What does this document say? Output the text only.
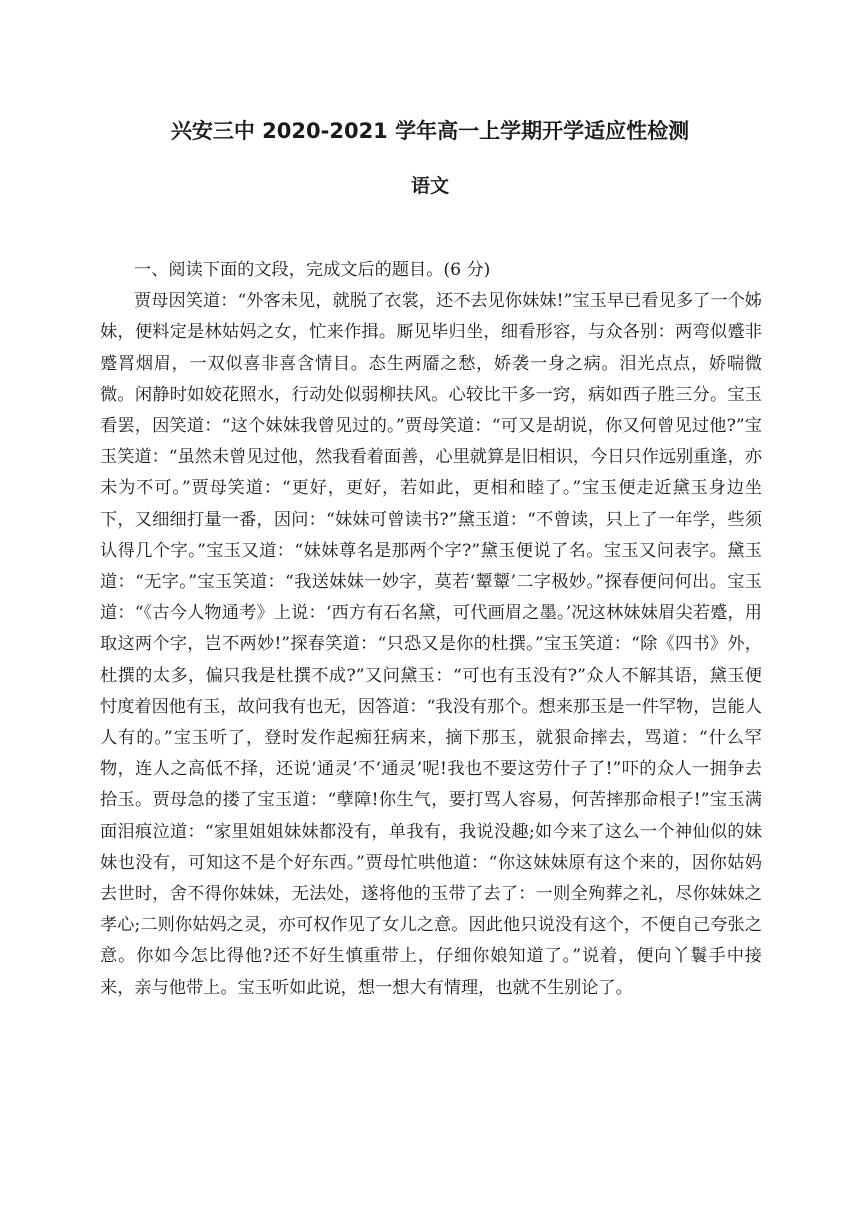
兴安三中 2020-2021 学年高一上学期开学适应性检测
语文

一、阅读下面的文段，完成文后的题目。(6 分)

贾母因笑道：“外客未见，就脱了衣裳，还不去见你妹妹!”宝玉早已看见多了一个姊妹，便料定是林姑妈之女，忙来作揖。厮见毕归坐，细看形容，与众各别：两弯似蹙非蹙罥烟眉，一双似喜非喜含情目。态生两靥之愁，娇袭一身之病。泪光点点，娇喘微微。闲静时如姣花照水，行动处似弱柳扶风。心较比干多一窍，病如西子胜三分。宝玉看罢，因笑道：“这个妹妹我曾见过的。”贾母笑道：“可又是胡说，你又何曾见过他?”宝玉笑道：“虽然未曾见过他，然我看着面善，心里就算是旧相识，今日只作远别重逢，亦未为不可。”贾母笑道：“更好，更好，若如此，更相和睦了。”宝玉便走近黛玉身边坐下，又细细打量一番，因问：“妹妹可曾读书?”黛玉道：“不曾读，只上了一年学，些须认得几个字。”宝玉又道：“妹妹尊名是那两个字?”黛玉便说了名。宝玉又问表字。黛玉道：“无字。”宝玉笑道：“我送妹妹一妙字，莫若‘颦颦’二字极妙。”探春便问何出。宝玉道：“《古今人物通考》上说：‘西方有石名黛，可代画眉之墨。’况这林妹妹眉尖若蹙，用取这两个字，岂不两妙!”探春笑道：“只恐又是你的杜撰。”宝玉笑道：“除《四书》外，杜撰的太多，偏只我是杜撰不成?”又问黛玉：“可也有玉没有?”众人不解其语，黛玉便忖度着因他有玉，故问我有也无，因答道：“我没有那个。想来那玉是一件罕物，岂能人人有的。”宝玉听了，登时发作起痴狂病来，摘下那玉，就狠命摔去，骂道：“什么罕物，连人之高低不择，还说‘通灵’不‘通灵’呢!我也不要这劳什子了!”吓的众人一拥争去拾玉。贾母急的搂了宝玉道：“孽障!你生气，要打骂人容易，何苦摔那命根子!”宝玉满面泪痕泣道：“家里姐姐妹妹都没有，单我有，我说没趣;如今来了这么一个神仙似的妹妹也没有，可知这不是个好东西。”贾母忙哄他道：“你这妹妹原有这个来的，因你姑妈去世时，舍不得你妹妹，无法处，遂将他的玉带了去了：一则全殉葬之礼，尽你妹妹之孝心;二则你姑妈之灵，亦可权作见了女儿之意。因此他只说没有这个，不便自己夸张之意。你如今怎比得他?还不好生慎重带上，仔细你娘知道了。”说着，便向丫鬟手中接来，亲与他带上。宝玉听如此说，想一想大有情理，也就不生别论了。
